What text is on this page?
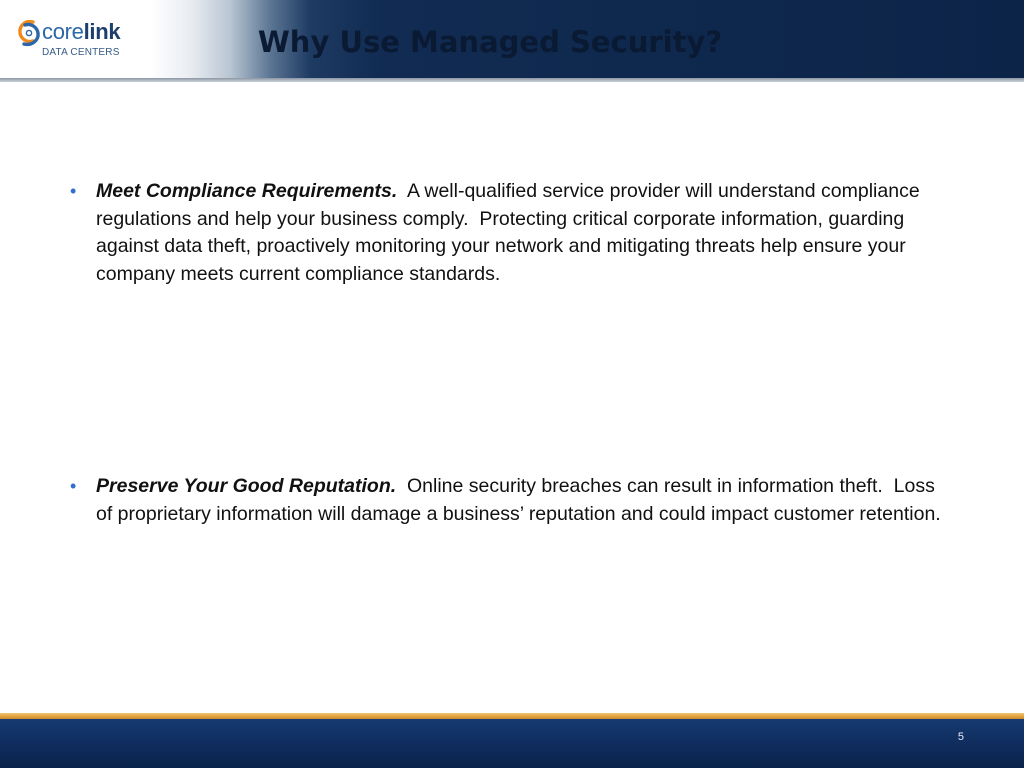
corelink
DATA CENTERS	Why Use Managed Security?
• Meet Compliance Requirements.  A well-qualified service provider will understand compliance regulations and help your business comply.  Protecting critical corporate information, guarding against data theft, proactively monitoring your network and mitigating threats help ensure your company meets current compliance standards.
• Preserve Your Good Reputation.  Online security breaches can result in information theft.  Loss of proprietary information will damage a business’ reputation and could impact customer retention.
5
